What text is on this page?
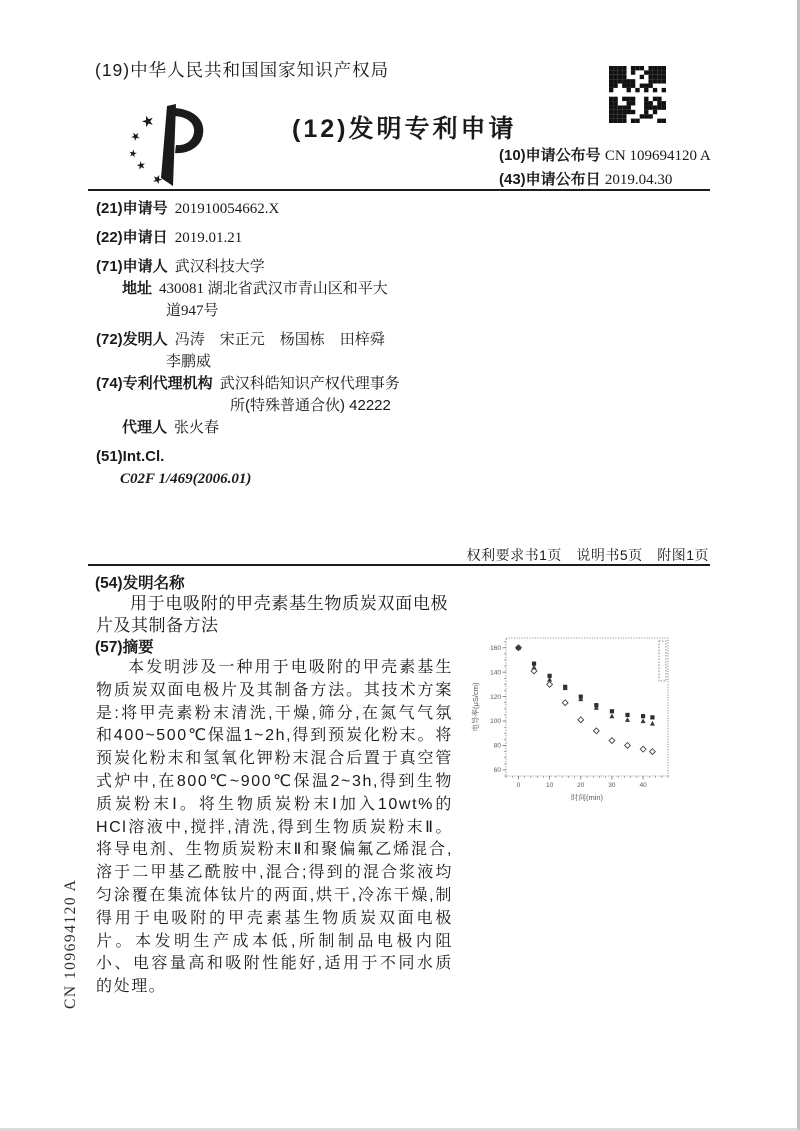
(19)中华人民共和国国家知识产权局
★
★
★
★
★
(12)发明专利申请
(10)申请公布号 CN 109694120 A
(43)申请公布日 2019.04.30
(21)申请号 201910054662.X
(22)申请日 2019.01.21
(71)申请人 武汉科技大学
地址 430081 湖北省武汉市青山区和平大
道947号
(72)发明人 冯涛　宋正元　杨国栋　田梓舜
李鹏威
(74)专利代理机构 武汉科皓知识产权代理事务
所(特殊普通合伙) 42222
代理人 张火春
(51)Int.Cl.
C02F 1/469(2006.01)
权利要求书1页　说明书5页　附图1页
(54)发明名称
用于电吸附的甲壳素基生物质炭双面电极片及其制备方法
(57)摘要
本发明涉及一种用于电吸附的甲壳素基生物质炭双面电极片及其制备方法。其技术方案是:将甲壳素粉末清洗,干燥,筛分,在氮气气氛和400~500℃保温1~2h,得到预炭化粉末。将预炭化粉末和氢氧化钾粉末混合后置于真空管式炉中,在800℃~900℃保温2~3h,得到生物质炭粉末Ⅰ。将生物质炭粉末Ⅰ加入10wt%的HCl溶液中,搅拌,清洗,得到生物质炭粉末Ⅱ。将导电剂、生物质炭粉末Ⅱ和聚偏氟乙烯混合,溶于二甲基乙酰胺中,混合;得到的混合浆液均匀涂覆在集流体钛片的两面,烘干,冷冻干燥,制得用于电吸附的甲壳素基生物质炭双面电极片。本发明生产成本低,所制制品电极内阻小、电容量高和吸附性能好,适用于不同水质的处理。
0	10	20	30	40
60
80
100
120
140
160
时间(min)
电导率(μS/cm)
CN 109694120 A
